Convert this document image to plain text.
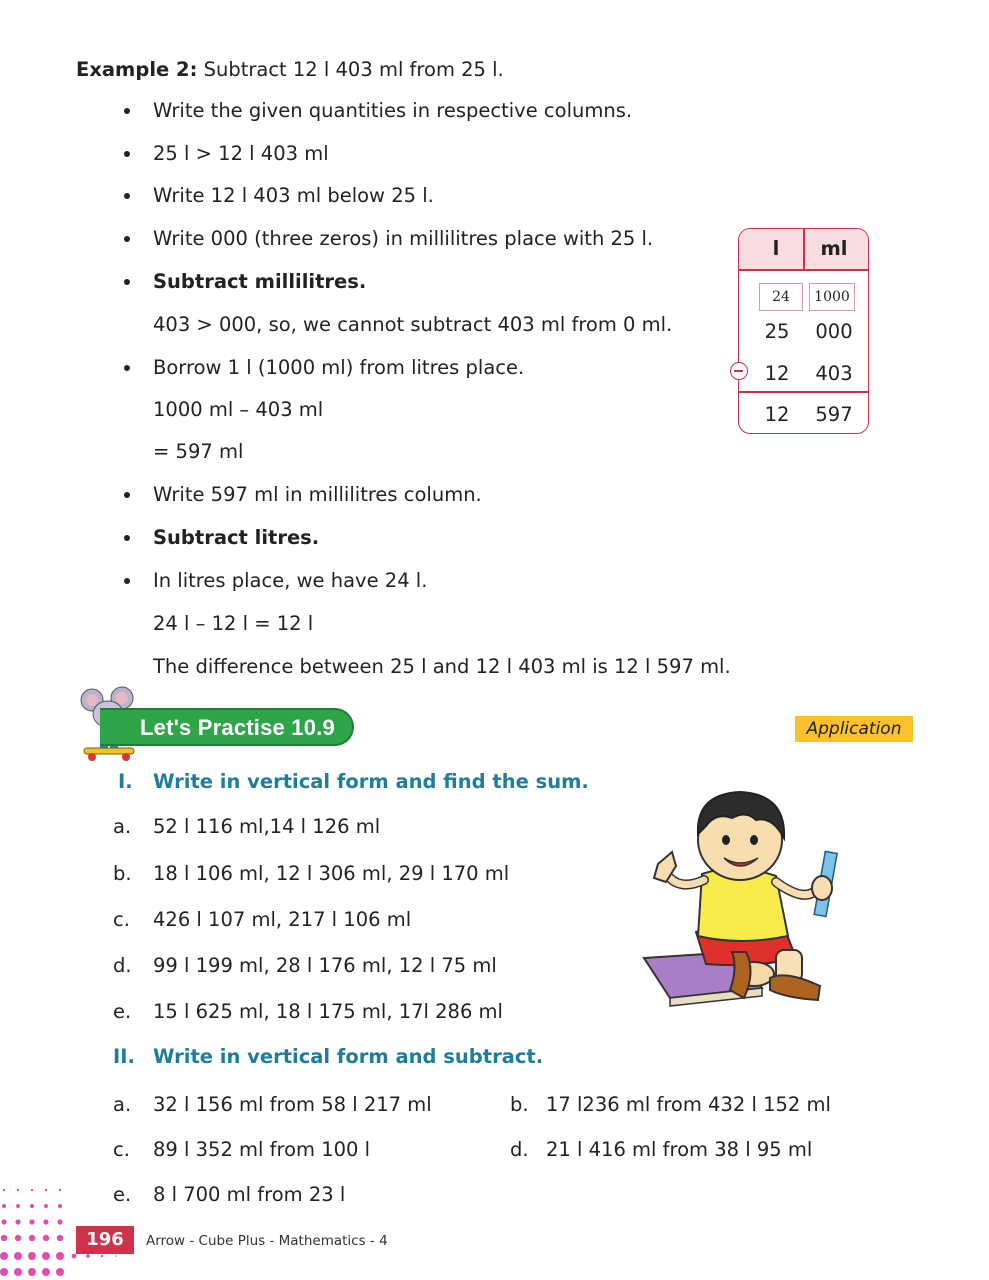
Example 2: Subtract 12 l 403 ml from 25 l.
Write the given quantities in respective columns.
25 l > 12 l 403 ml
Write 12 l 403 ml below 25 l.
Write 000 (three zeros) in millilitres place with 25 l.
Subtract millilitres.
403 > 000, so, we cannot subtract 403 ml from 0 ml.
Borrow 1 l (1000 ml) from litres place.
1000 ml – 403 ml
= 597 ml
Write 597 ml in millilitres column.
Subtract litres.
In litres place, we have 24 l.
24 l – 12 l = 12 l
The difference between 25 l and 12 l 403 ml is 12 l 597 ml.
l	ml
24	1000
25	000
12	403
12	597
Let's Practise 10.9	Application
I. Write in vertical form and find the sum.
a. 52 l 116 ml,14 l 126 ml
b. 18 l 106 ml, 12 l 306 ml, 29 l 170 ml
c. 426 l 107 ml, 217 l 106 ml
d. 99 l 199 ml, 28 l 176 ml, 12 l 75 ml
e. 15 l 625 ml, 18 l 175 ml, 17l 286 ml
II. Write in vertical form and subtract.
a. 32 l 156 ml from 58 l 217 ml	b. 17 l236 ml from 432 l 152 ml
c. 89 l 352 ml from 100 l	d. 21 l 416 ml from 38 l 95 ml
e. 8 l 700 ml from 23 l
196	Arrow - Cube Plus - Mathematics - 4
